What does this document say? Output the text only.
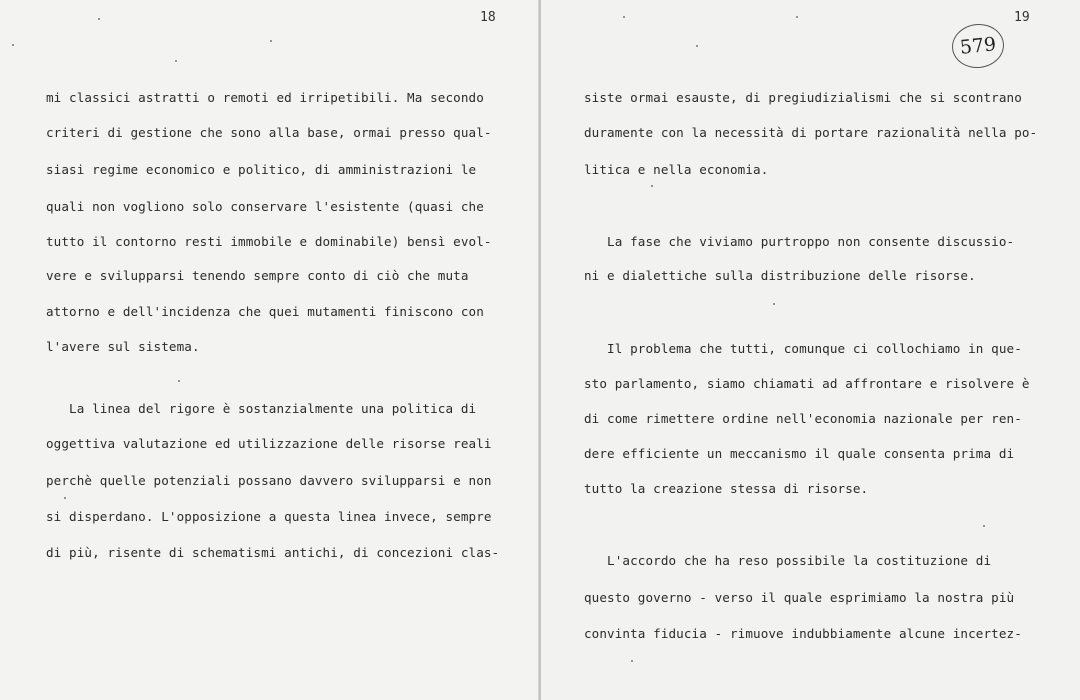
18
mi classici astratti o remoti ed irripetibili. Ma secondo
criteri di gestione che sono alla base, ormai presso qual-
siasi regime economico e politico, di amministrazioni le
quali non vogliono solo conservare l'esistente (quasi che
tutto il contorno resti immobile e dominabile) bensì evol-
vere e svilupparsi tenendo sempre conto di ciò che muta
attorno e dell'incidenza che quei mutamenti finiscono con
l'avere sul sistema.
La linea del rigore è sostanzialmente una politica di
oggettiva valutazione ed utilizzazione delle risorse reali
perchè quelle potenziali possano davvero svilupparsi e non
si disperdano. L'opposizione a questa linea invece, sempre
di più, risente di schematismi antichi, di concezioni clas-
19
579
siste ormai esauste, di pregiudizialismi che si scontrano
duramente con la necessità di portare razionalità nella po-
litica e nella economia.
La fase che viviamo purtroppo non consente discussio-
ni e dialettiche sulla distribuzione delle risorse.
Il problema che tutti, comunque ci collochiamo in que-
sto parlamento, siamo chiamati ad affrontare e risolvere è
di come rimettere ordine nell'economia nazionale per ren-
dere efficiente un meccanismo il quale consenta prima di
tutto la creazione stessa di risorse.
L'accordo che ha reso possibile la costituzione di
questo governo - verso il quale esprimiamo la nostra più
convinta fiducia - rimuove indubbiamente alcune incertez-
